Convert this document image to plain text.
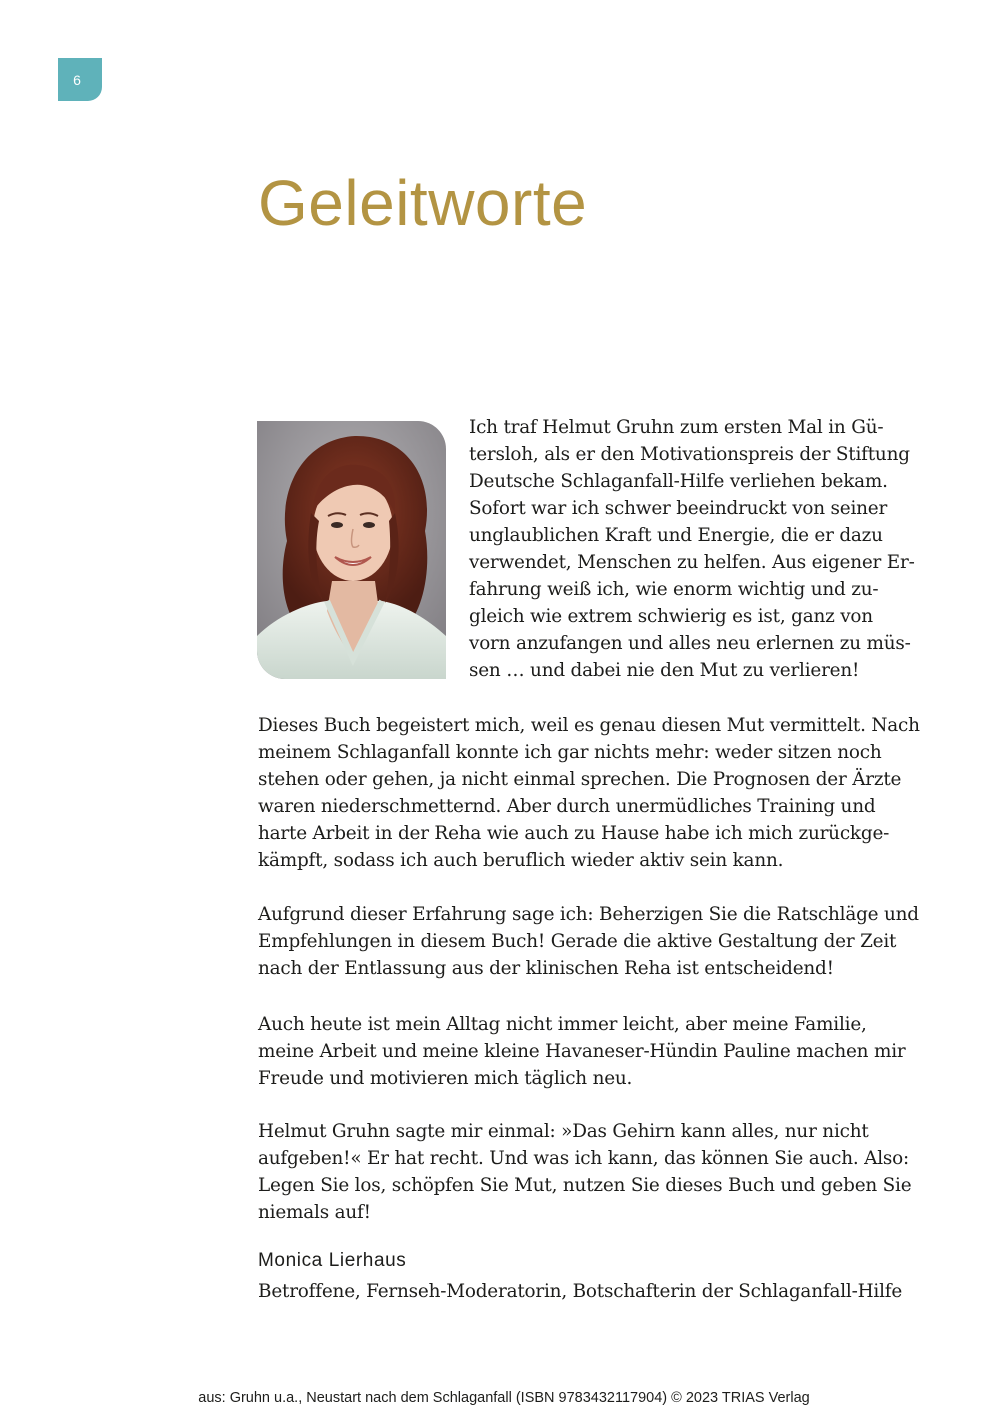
6
Geleitworte

Ich traf Helmut Gruhn zum ersten Mal in Gü-
tersloh, als er den Motivationspreis der Stiftung
Deutsche Schlaganfall-Hilfe verliehen bekam.
Sofort war ich schwer beeindruckt von seiner
unglaublichen Kraft und Energie, die er dazu
verwendet, Menschen zu helfen. Aus eigener Er-
fahrung weiß ich, wie enorm wichtig und zu-
gleich wie extrem schwierig es ist, ganz von
vorn anzufangen und alles neu erlernen zu müs-
sen … und dabei nie den Mut zu verlieren!

Dieses Buch begeistert mich, weil es genau diesen Mut vermittelt. Nach
meinem Schlaganfall konnte ich gar nichts mehr: weder sitzen noch
stehen oder gehen, ja nicht einmal sprechen. Die Prognosen der Ärzte
waren niederschmetternd. Aber durch unermüdliches Training und
harte Arbeit in der Reha wie auch zu Hause habe ich mich zurückge-
kämpft, sodass ich auch beruflich wieder aktiv sein kann.

Aufgrund dieser Erfahrung sage ich: Beherzigen Sie die Ratschläge und
Empfehlungen in diesem Buch! Gerade die aktive Gestaltung der Zeit
nach der Entlassung aus der klinischen Reha ist entscheidend!

Auch heute ist mein Alltag nicht immer leicht, aber meine Familie,
meine Arbeit und meine kleine Havaneser-Hündin Pauline machen mir
Freude und motivieren mich täglich neu.

Helmut Gruhn sagte mir einmal: »Das Gehirn kann alles, nur nicht
aufgeben!« Er hat recht. Und was ich kann, das können Sie auch. Also:
Legen Sie los, schöpfen Sie Mut, nutzen Sie dieses Buch und geben Sie
niemals auf!

Monica Lierhaus

Betroffene, Fernseh-Moderatorin, Botschafterin der Schlaganfall-Hilfe

aus: Gruhn u.a., Neustart nach dem Schlaganfall (ISBN 9783432117904) © 2023 TRIAS Verlag
